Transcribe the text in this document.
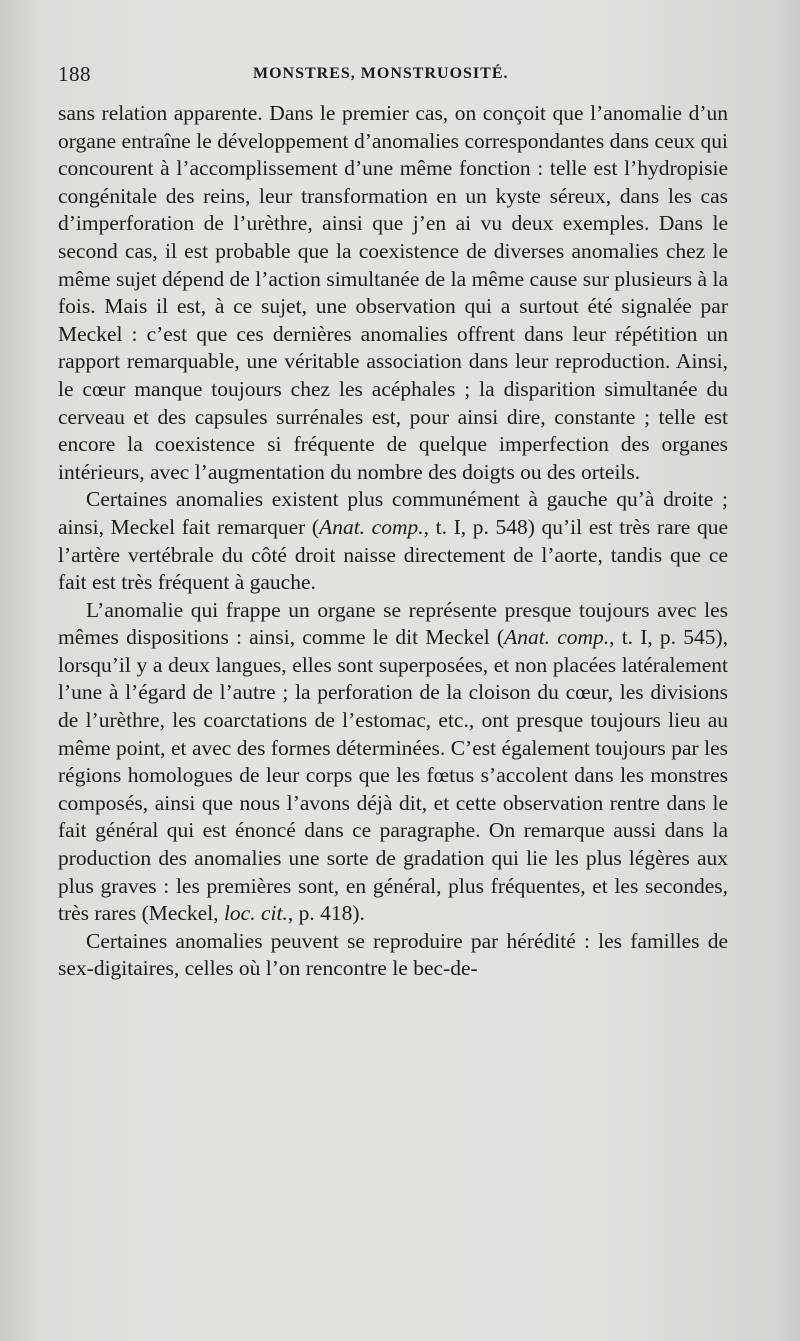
188	MONSTRES, MONSTRUOSITÉ.

sans relation apparente. Dans le premier cas, on conçoit que l’anomalie d’un organe entraîne le développement d’anomalies correspondantes dans ceux qui concourent à l’accomplissement d’une même fonction : telle est l’hydropisie congénitale des reins, leur transformation en un kyste séreux, dans les cas d’imperforation de l’urèthre, ainsi que j’en ai vu deux exemples. Dans le second cas, il est probable que la coexistence de diverses anomalies chez le même sujet dépend de l’action simultanée de la même cause sur plusieurs à la fois. Mais il est, à ce sujet, une observation qui a surtout été signalée par Meckel : c’est que ces dernières anomalies offrent dans leur répétition un rapport remarquable, une véritable association dans leur reproduction. Ainsi, le cœur manque toujours chez les acéphales ; la disparition simultanée du cerveau et des capsules surrénales est, pour ainsi dire, constante ; telle est encore la coexistence si fréquente de quelque imperfection des organes intérieurs, avec l’augmentation du nombre des doigts ou des orteils.

Certaines anomalies existent plus communément à gauche qu’à droite ; ainsi, Meckel fait remarquer (Anat. comp., t. I, p. 548) qu’il est très rare que l’artère vertébrale du côté droit naisse directement de l’aorte, tandis que ce fait est très fréquent à gauche.

L’anomalie qui frappe un organe se représente presque toujours avec les mêmes dispositions : ainsi, comme le dit Meckel (Anat. comp., t. I, p. 545), lorsqu’il y a deux langues, elles sont superposées, et non placées latéralement l’une à l’égard de l’autre ; la perforation de la cloison du cœur, les divisions de l’urèthre, les coarctations de l’estomac, etc., ont presque toujours lieu au même point, et avec des formes déterminées. C’est également toujours par les régions homologues de leur corps que les fœtus s’accolent dans les monstres composés, ainsi que nous l’avons déjà dit, et cette observation rentre dans le fait général qui est énoncé dans ce paragraphe. On remarque aussi dans la production des anomalies une sorte de gradation qui lie les plus légères aux plus graves : les premières sont, en général, plus fréquentes, et les secondes, très rares (Meckel, loc. cit., p. 418).

Certaines anomalies peuvent se reproduire par hérédité : les familles de sex-digitaires, celles où l’on rencontre le bec-de-
